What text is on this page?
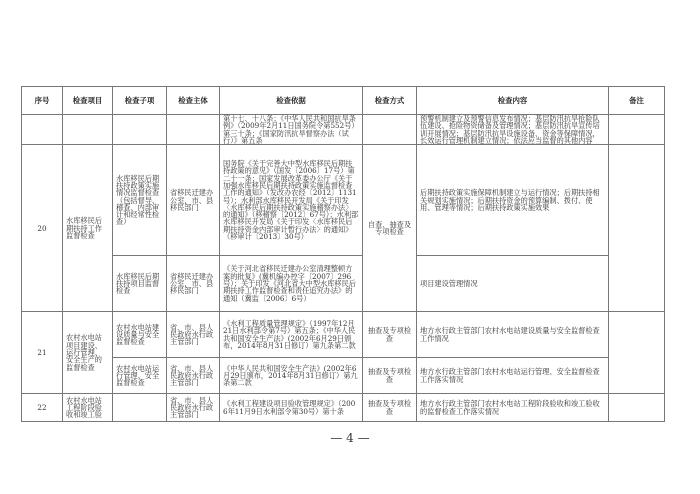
序号	检查项目	检查子项	检查主体	检查依据	检查方式	检查内容	备注
				第十七、十八条；《中华人民共和国抗旱条例》（2009年2月11日国务院令第552号）第三十条；《国家防汛抗旱督察办法（试行）》第五条		预警机制建立及预警信息发布情况；基层防汛抗旱抢险队伍建设、抢险物资储备及管理情况；基层防汛抗旱宣传培训开展情况；基层防汛抗旱设施设备、资金等保障情况，长效运行管理机制建立情况；依法应当监督的其他内容	
20	水库移民后期扶持工作监督检查	水库移民后期扶持政策实施情况监督检查（包括督导、稽查、内部审计和经常性检查）	省移民迁建办公室，市、县移民部门	国务院《关于完善大中型水库移民后期扶持政策的意见》（国发〔2006〕17号）第二十一条；国家发展改革委办公厅《关于加强水库移民后期扶持政策实施监督检查工作的通知》（发改办农经〔2012〕1131号）；水利部水库移民开发局《关于印发〈水库移民后期扶持政策实施稽察办法〉的通知》（移稽察〔2012〕67号）；水利部水库移民开发局《关于印发〈水库移民后期扶持资金内部审计暂行办法〉的通知》（移审计〔2013〕30号）	自查、抽查及专项检查	后期扶持政策实施保障机制建立与运行情况；后期扶持相关规划实施情况；后期扶持资金的预算编制、拨付、使用、管理等情况；后期扶持政策实施效果	
		水库移民后期扶持项目监督检查	省移民迁建办公室，市、县移民部门	《关于河北省移民迁建办公室清理整顿方案的批复》(冀机编办控字〔2007〕296号）；关于印发《河北省大中型水库移民后期扶持工作监督检查和责任追究办法》的通知（冀监〔2006〕6号）		项目建设管理情况	
21	农村水电站项目建设、运行管理、安全生产的监督检查	农村水电站建设质量与安全监督检查	省、市、县人民政府水行政主管部门	《水利工程质量管理规定》（1997年12月21日水利部令第7号）第五条；《中华人民共和国安全生产法》(2002年6月29日颁布，2014年8月31日修订）第九条第二款	抽查及专项检查	地方水行政主管部门农村水电站建设质量与安全监督检查工作情况	
		农村水电站运行管理、安全监督检查	省、市、县人民政府水行政主管部门	《中华人民共和国安全生产法》(2002年6月29日颁布，2014年8月31日修订）第九条第二款	抽查及专项检查	地方水行政主管部门农村水电站运行管理、安全监督检查工作落实情况	
22	农村水电站工程阶段验收和竣工验		省、市、县人民政府水行政主管部门	《水利工程建设项目验收管理规定》（2006年11月9日水利部令第30号）第十条	抽查及专项检查	地方水行政主管部门农村水电站工程阶段验收和竣工验收的监督检查工作落实情况	
— 4 —
